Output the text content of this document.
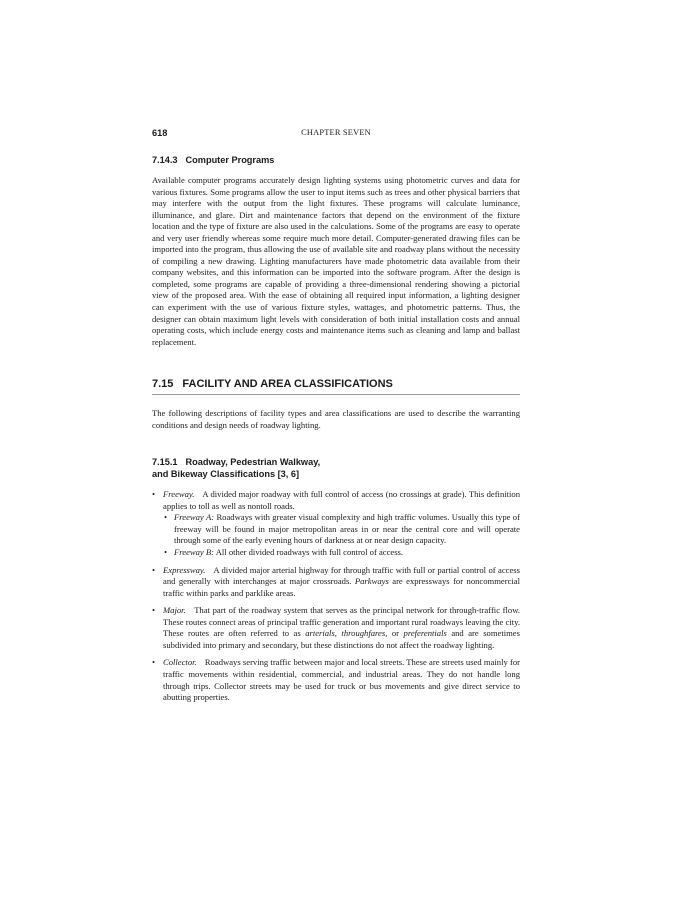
618	CHAPTER SEVEN
7.14.3 Computer Programs

Available computer programs accurately design lighting systems using photometric curves and data for various fixtures. Some programs allow the user to input items such as trees and other physical barriers that may interfere with the output from the light fixtures. These programs will calculate luminance, illuminance, and glare. Dirt and maintenance factors that depend on the environment of the fixture location and the type of fixture are also used in the calculations. Some of the programs are easy to operate and very user friendly whereas some require much more detail. Computer-generated drawing files can be imported into the program, thus allowing the use of available site and roadway plans without the necessity of compiling a new drawing. Lighting manufacturers have made photometric data available from their company websites, and this information can be imported into the software program. After the design is completed, some programs are capable of providing a three-dimensional rendering showing a pictorial view of the proposed area. With the ease of obtaining all required input information, a lighting designer can experiment with the use of various fixture styles, wattages, and photometric patterns. Thus, the designer can obtain maximum light levels with consideration of both initial installation costs and annual operating costs, which include energy costs and maintenance items such as cleaning and lamp and ballast replacement.

7.15 FACILITY AND AREA CLASSIFICATIONS

The following descriptions of facility types and area classifications are used to describe the warranting conditions and design needs of roadway lighting.

7.15.1 Roadway, Pedestrian Walkway,
and Bikeway Classifications [3, 6]

• Freeway. A divided major roadway with full control of access (no crossings at grade). This definition applies to toll as well as nontoll roads.

• Freeway A: Roadways with greater visual complexity and high traffic volumes. Usually this type of freeway will be found in major metropolitan areas in or near the central core and will operate through some of the early evening hours of darkness at or near design capacity.

• Freeway B: All other divided roadways with full control of access.

• Expressway. A divided major arterial highway for through traffic with full or partial control of access and generally with interchanges at major crossroads. Parkways are expressways for noncommercial traffic within parks and parklike areas.

• Major. That part of the roadway system that serves as the principal network for through-traffic flow. These routes connect areas of principal traffic generation and important rural roadways leaving the city. These routes are often referred to as arterials, throughfares, or preferentials and are sometimes subdivided into primary and secondary, but these distinctions do not affect the roadway lighting.

• Collector. Roadways serving traffic between major and local streets. These are streets used mainly for traffic movements within residential, commercial, and industrial areas. They do not handle long through trips. Collector streets may be used for truck or bus movements and give direct service to abutting properties.
